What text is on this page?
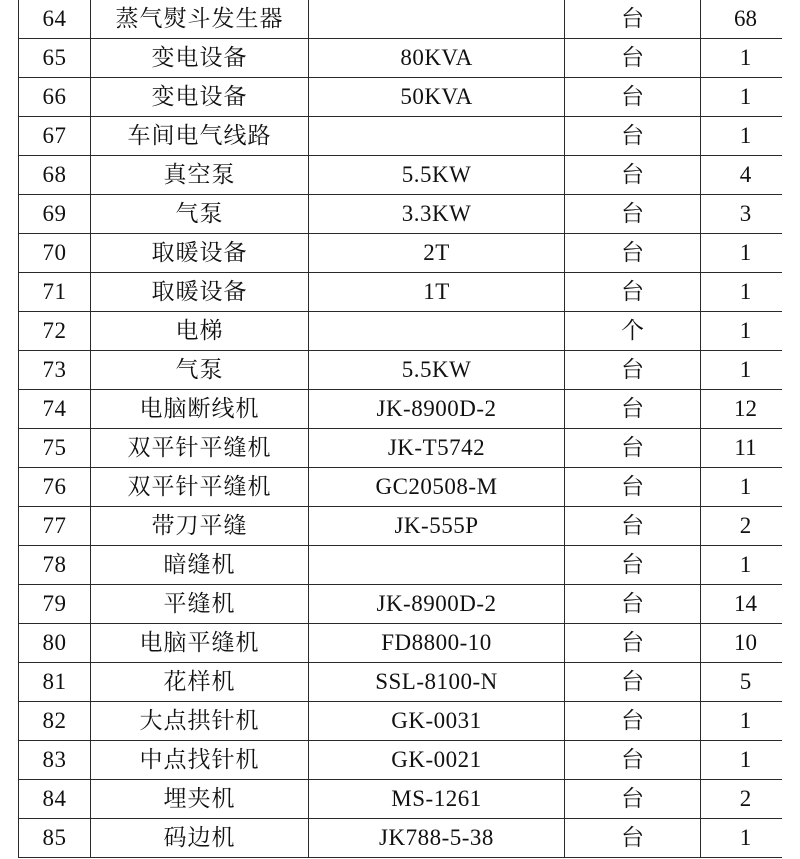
64	蒸气熨斗发生器		台	68
65	变电设备	80KVA	台	1
66	变电设备	50KVA	台	1
67	车间电气线路		台	1
68	真空泵	5.5KW	台	4
69	气泵	3.3KW	台	3
70	取暖设备	2T	台	1
71	取暖设备	1T	台	1
72	电梯		个	1
73	气泵	5.5KW	台	1
74	电脑断线机	JK-8900D-2	台	12
75	双平针平缝机	JK-T5742	台	11
76	双平针平缝机	GC20508-M	台	1
77	带刀平缝	JK-555P	台	2
78	暗缝机		台	1
79	平缝机	JK-8900D-2	台	14
80	电脑平缝机	FD8800-10	台	10
81	花样机	SSL-8100-N	台	5
82	大点拱针机	GK-0031	台	1
83	中点找针机	GK-0021	台	1
84	埋夹机	MS-1261	台	2
85	码边机	JK788-5-38	台	1
